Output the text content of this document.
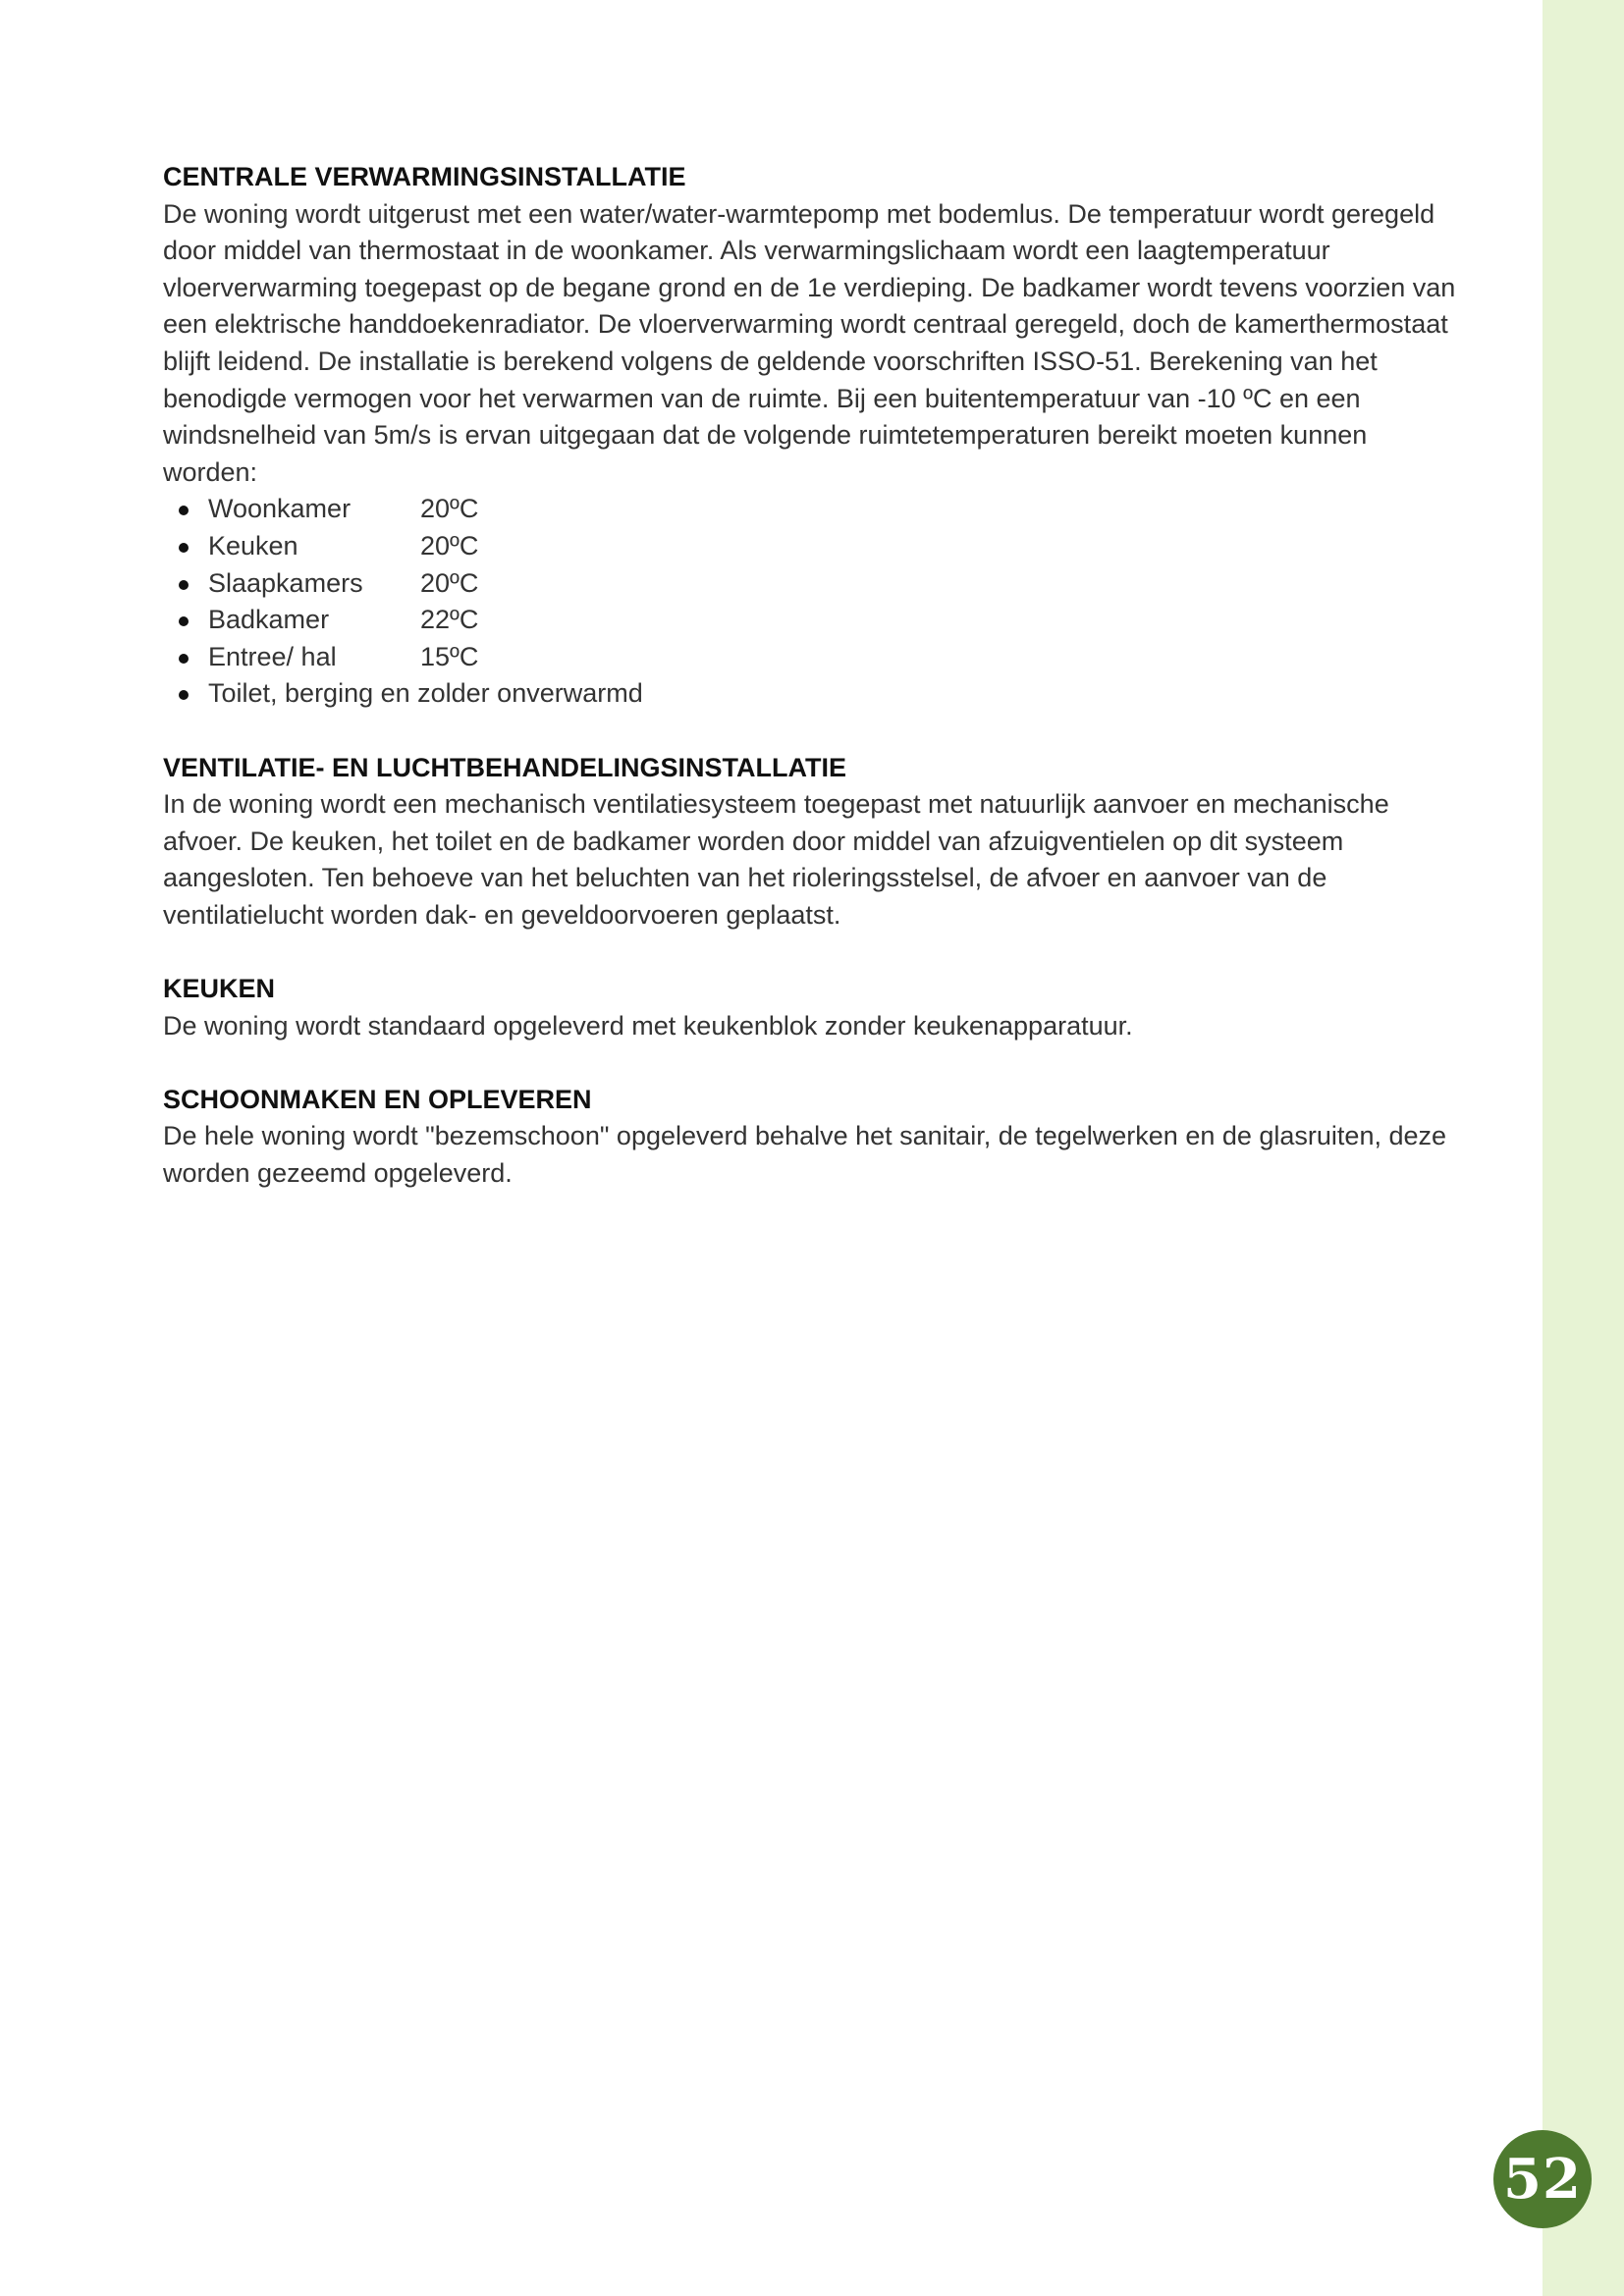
CENTRALE VERWARMINGSINSTALLATIE

De woning wordt uitgerust met een water/water-warmtepomp met bodemlus. De temperatuur wordt geregeld door middel van thermostaat in de woonkamer. Als verwarmingslichaam wordt een laagtemperatuur vloerverwarming toegepast op de begane grond en de 1e verdieping. De badkamer wordt tevens voorzien van een elektrische handdoekenradiator. De vloerverwarming wordt centraal geregeld, doch de kamerthermostaat blijft leidend. De installatie is berekend volgens de geldende voorschriften ISSO-51. Berekening van het benodigde vermogen voor het verwarmen van de ruimte. Bij een buitentemperatuur van -10 ºC en een windsnelheid van 5m/s is ervan uitgegaan dat de volgende ruimtetemperaturen bereikt moeten kunnen worden:

Woonkamer	20ºC
Keuken	20ºC
Slaapkamers	20ºC
Badkamer	22ºC
Entree/ hal	15ºC
Toilet, berging en zolder onverwarmd
VENTILATIE- EN LUCHTBEHANDELINGSINSTALLATIE

In de woning wordt een mechanisch ventilatiesysteem toegepast met natuurlijk aanvoer en mechanische afvoer. De keuken, het toilet en de badkamer worden door middel van afzuigventielen op dit systeem aangesloten. Ten behoeve van het beluchten van het rioleringsstelsel, de afvoer en aanvoer van de ventilatielucht worden dak- en geveldoorvoeren geplaatst.

KEUKEN

De woning wordt standaard opgeleverd met keukenblok zonder keukenapparatuur.

SCHOONMAKEN EN OPLEVEREN

De hele woning wordt "bezemschoon" opgeleverd behalve het sanitair, de tegelwerken en de glasruiten, deze worden gezeemd opgeleverd.

52
